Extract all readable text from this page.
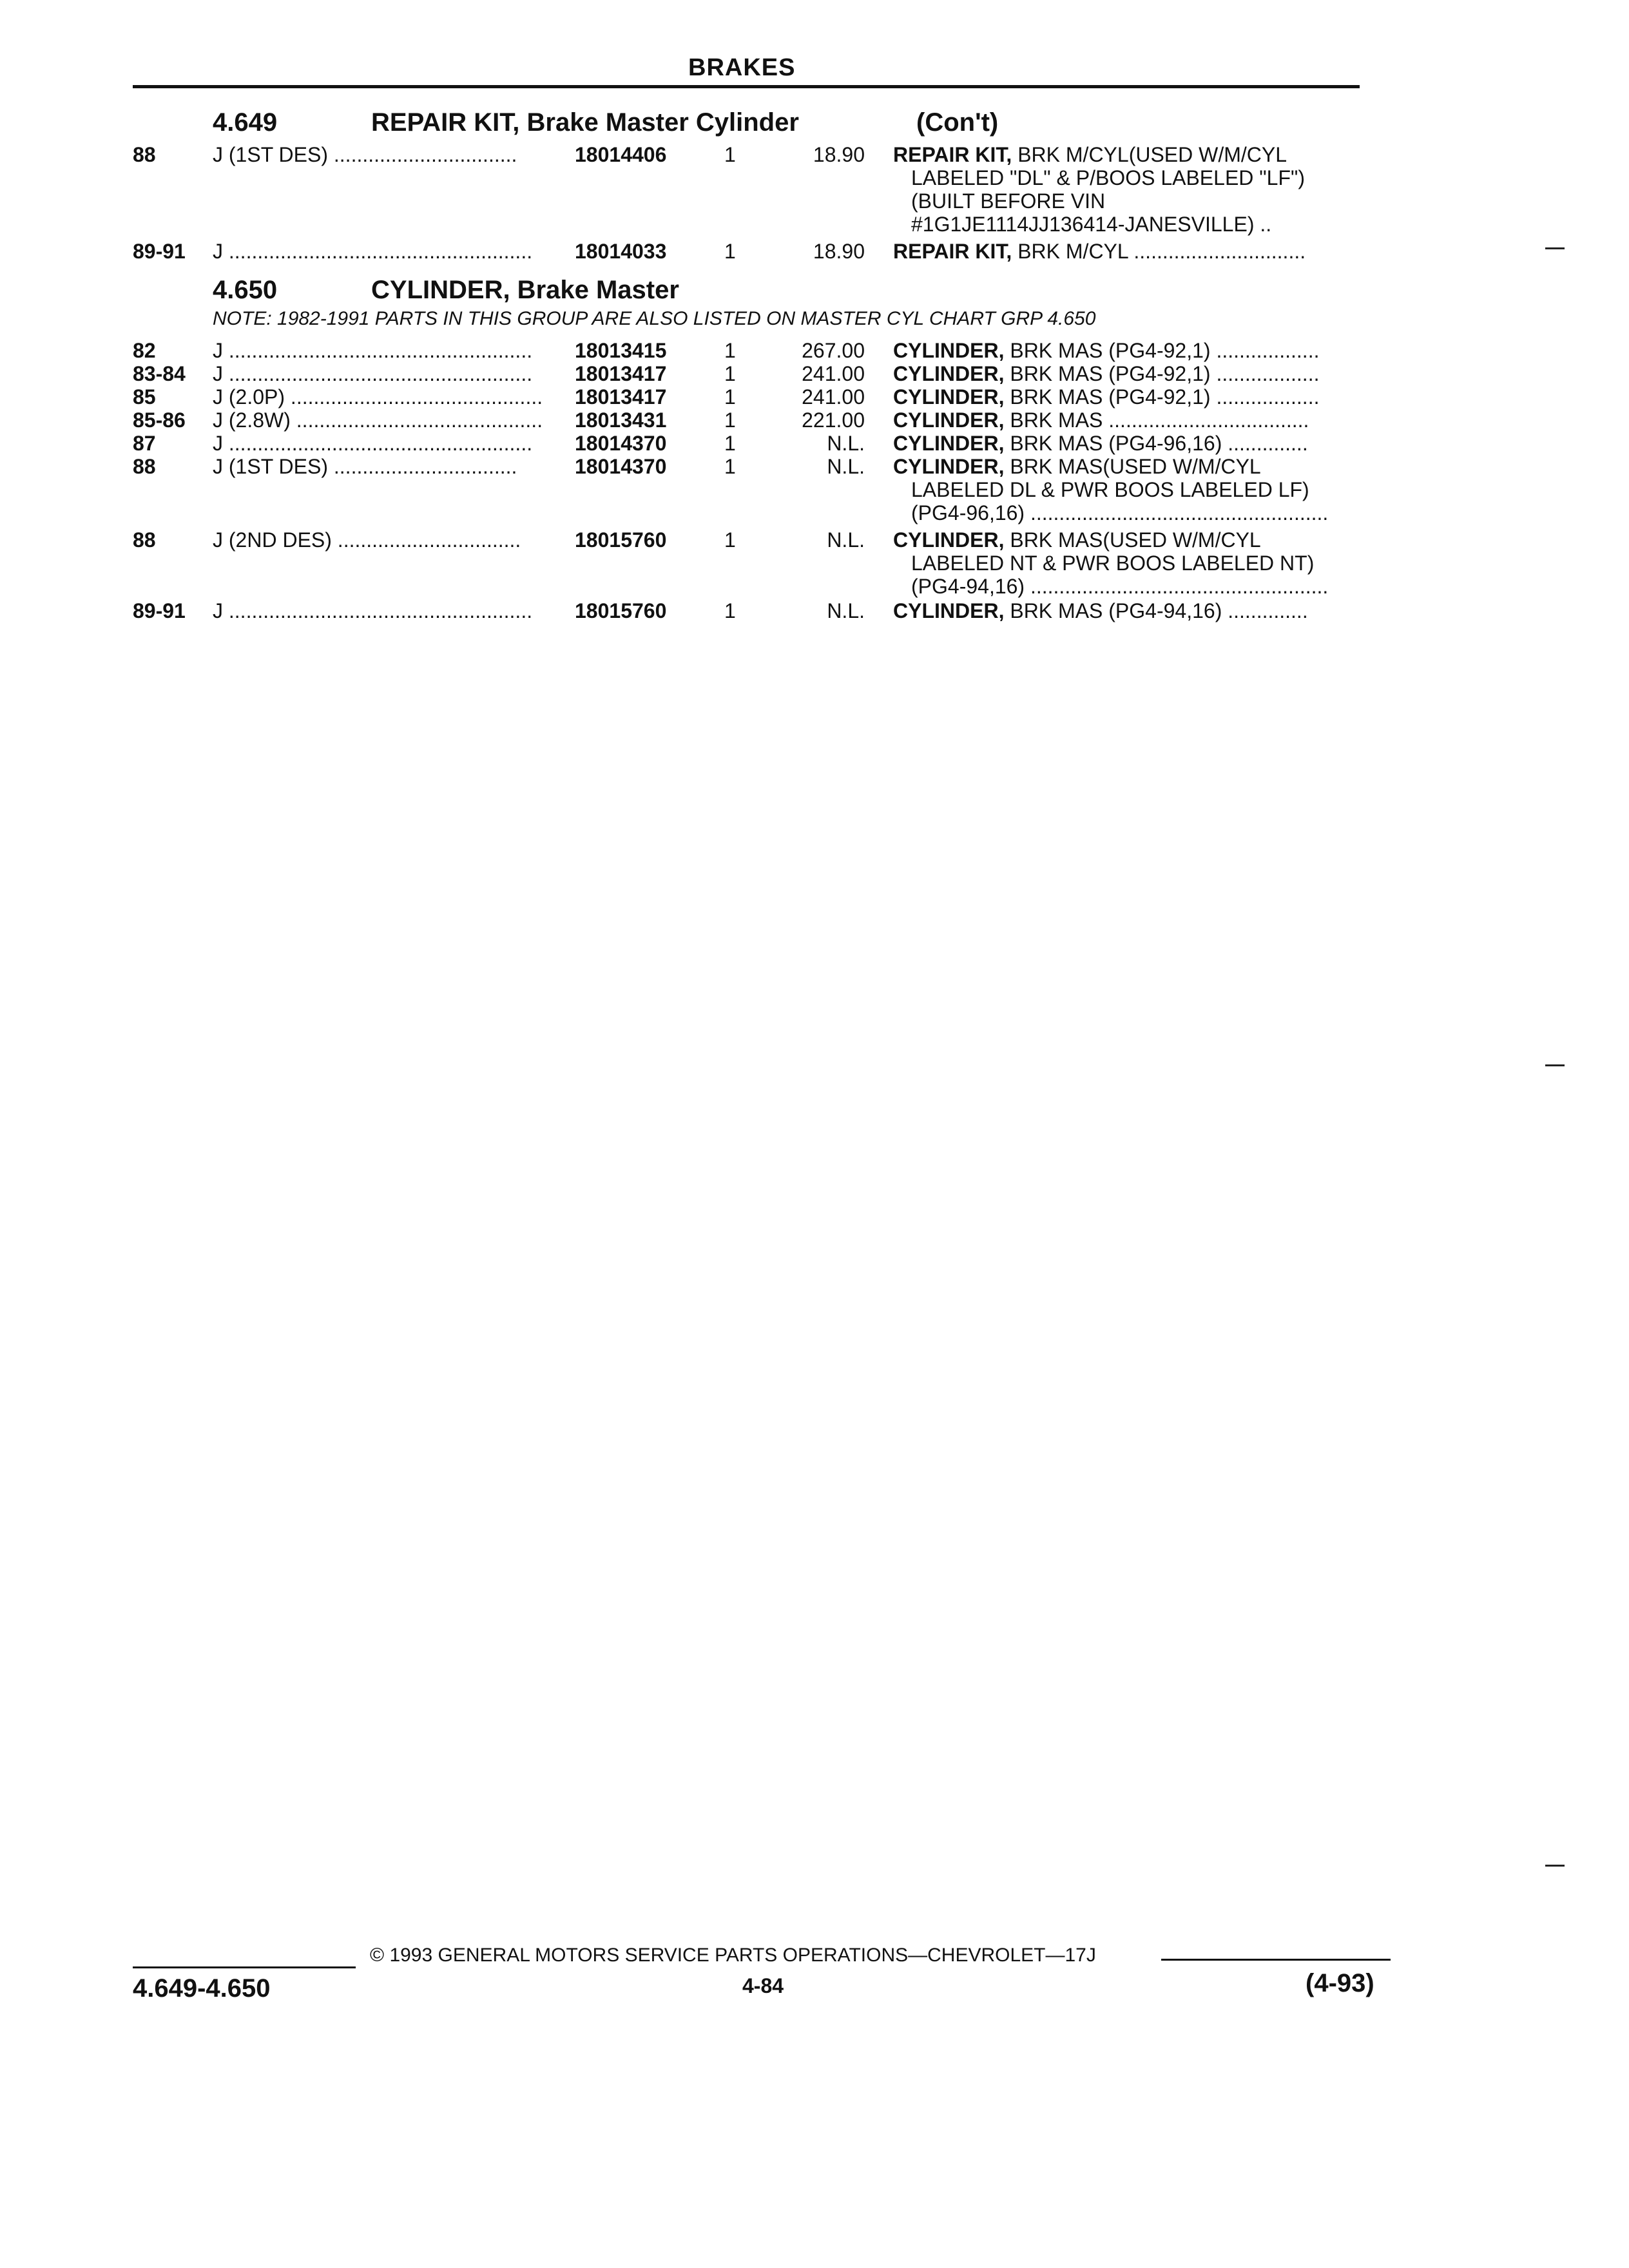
BRAKES
4.649	REPAIR KIT, Brake Master Cylinder	(Con't)
88	J (1ST DES) ................................	18014406	1	18.90 REPAIR KIT, BRK M/CYL(USED W/M/CYL
LABELED "DL" & P/BOOS LABELED "LF")
(BUILT BEFORE VIN
#1G1JE1114JJ136414-JANESVILLE) ..
89-91 J .....................................................	18014033	1	18.90 REPAIR KIT, BRK M/CYL ..............................
4.650	CYLINDER, Brake Master
NOTE: 1982-1991 PARTS IN THIS GROUP ARE ALSO LISTED ON MASTER CYL CHART GRP 4.650
82	J .....................................................	18013415	1	267.00 CYLINDER, BRK MAS (PG4-92,1) ..................
83-84 J .....................................................	18013417	1	241.00 CYLINDER, BRK MAS (PG4-92,1) ..................
85	J (2.0P) ............................................	18013417	1	241.00 CYLINDER, BRK MAS (PG4-92,1) ..................
85-86 J (2.8W) ...........................................	18013431	1	221.00 CYLINDER, BRK MAS ...................................
87	J .....................................................	18014370	1	N.L. CYLINDER, BRK MAS (PG4-96,16) ..............
88	J (1ST DES) ................................	18014370	1	N.L. CYLINDER, BRK MAS(USED W/M/CYL
LABELED DL & PWR BOOS LABELED LF)
(PG4-96,16) ....................................................
88	J (2ND DES) ................................	18015760	1	N.L. CYLINDER, BRK MAS(USED W/M/CYL
LABELED NT & PWR BOOS LABELED NT)
(PG4-94,16) ....................................................
89-91 J .....................................................	18015760	1	N.L. CYLINDER, BRK MAS (PG4-94,16) ..............
© 1993 GENERAL MOTORS SERVICE PARTS OPERATIONS—CHEVROLET—17J
4.649-4.650	4-84	(4-93)
